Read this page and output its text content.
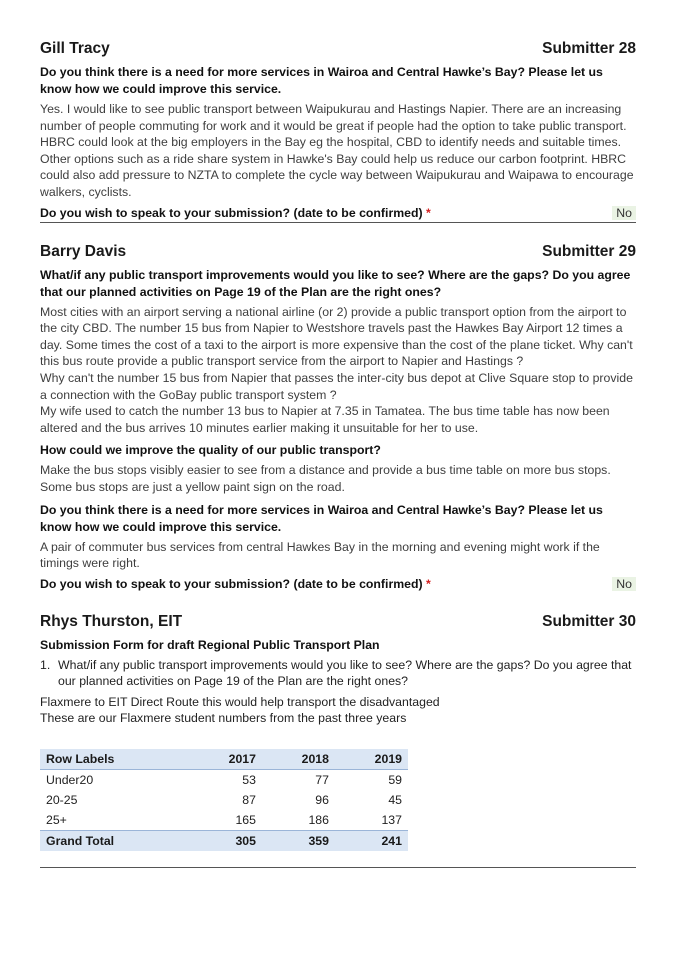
Gill Tracy	Submitter 28
Do you think there is a need for more services in Wairoa and Central Hawke’s Bay? Please let us know how we could improve this service.
Yes. I would like to see public transport between Waipukurau and Hastings Napier. There are an increasing number of people commuting for work and it would be great if people had the option to take public transport. HBRC could look at the big employers in the Bay eg the hospital, CBD to identify needs and suitable times. Other options such as a ride share system in Hawke's Bay could help us reduce our carbon footprint. HBRC could also add pressure to NZTA to complete the cycle way between Waipukurau and Waipawa to encourage walkers, cyclists.
Do you wish to speak to your submission? (date to be confirmed) *	No
Barry Davis	Submitter 29
What/if any public transport improvements would you like to see? Where are the gaps? Do you agree that our planned activities on Page 19 of the Plan are the right ones?

Most cities with an airport serving a national airline (or 2) provide a public transport option from the airport to the city CBD. The number 15 bus from Napier to Westshore travels past the Hawkes Bay Airport 12 times a day. Some times the cost of a taxi to the airport is more expensive than the cost of the plane ticket. Why can't this bus route provide a public transport service from the airport to Napier and Hastings ?

Why can't the number 15 bus from Napier that passes the inter-city bus depot at Clive Square stop to provide a connection with the GoBay public transport system ?

My wife used to catch the number 13 bus to Napier at 7.35 in Tamatea. The bus time table has now been altered and the bus arrives 10 minutes earlier making it unsuitable for her to use.

How could we improve the quality of our public transport?
Make the bus stops visibly easier to see from a distance and provide a bus time table on more bus stops. Some bus stops are just a yellow paint sign on the road.
Do you think there is a need for more services in Wairoa and Central Hawke’s Bay? Please let us know how we could improve this service.
A pair of commuter bus services from central Hawkes Bay in the morning and evening might work if the timings were right.
Do you wish to speak to your submission? (date to be confirmed) *	No
Rhys Thurston, EIT	Submitter 30
Submission Form for draft Regional Public Transport Plan
1. What/if any public transport improvements would you like to see? Where are the gaps? Do you agree that our planned activities on Page 19 of the Plan are the right ones?
Flaxmere to EIT Direct Route this would help transport the disadvantaged
These are our Flaxmere student numbers from the past three years
Row Labels	2017	2018	2019
Under20	53	77	59
20-25	87	96	45
25+	165	186	137
Grand Total	305	359	241
